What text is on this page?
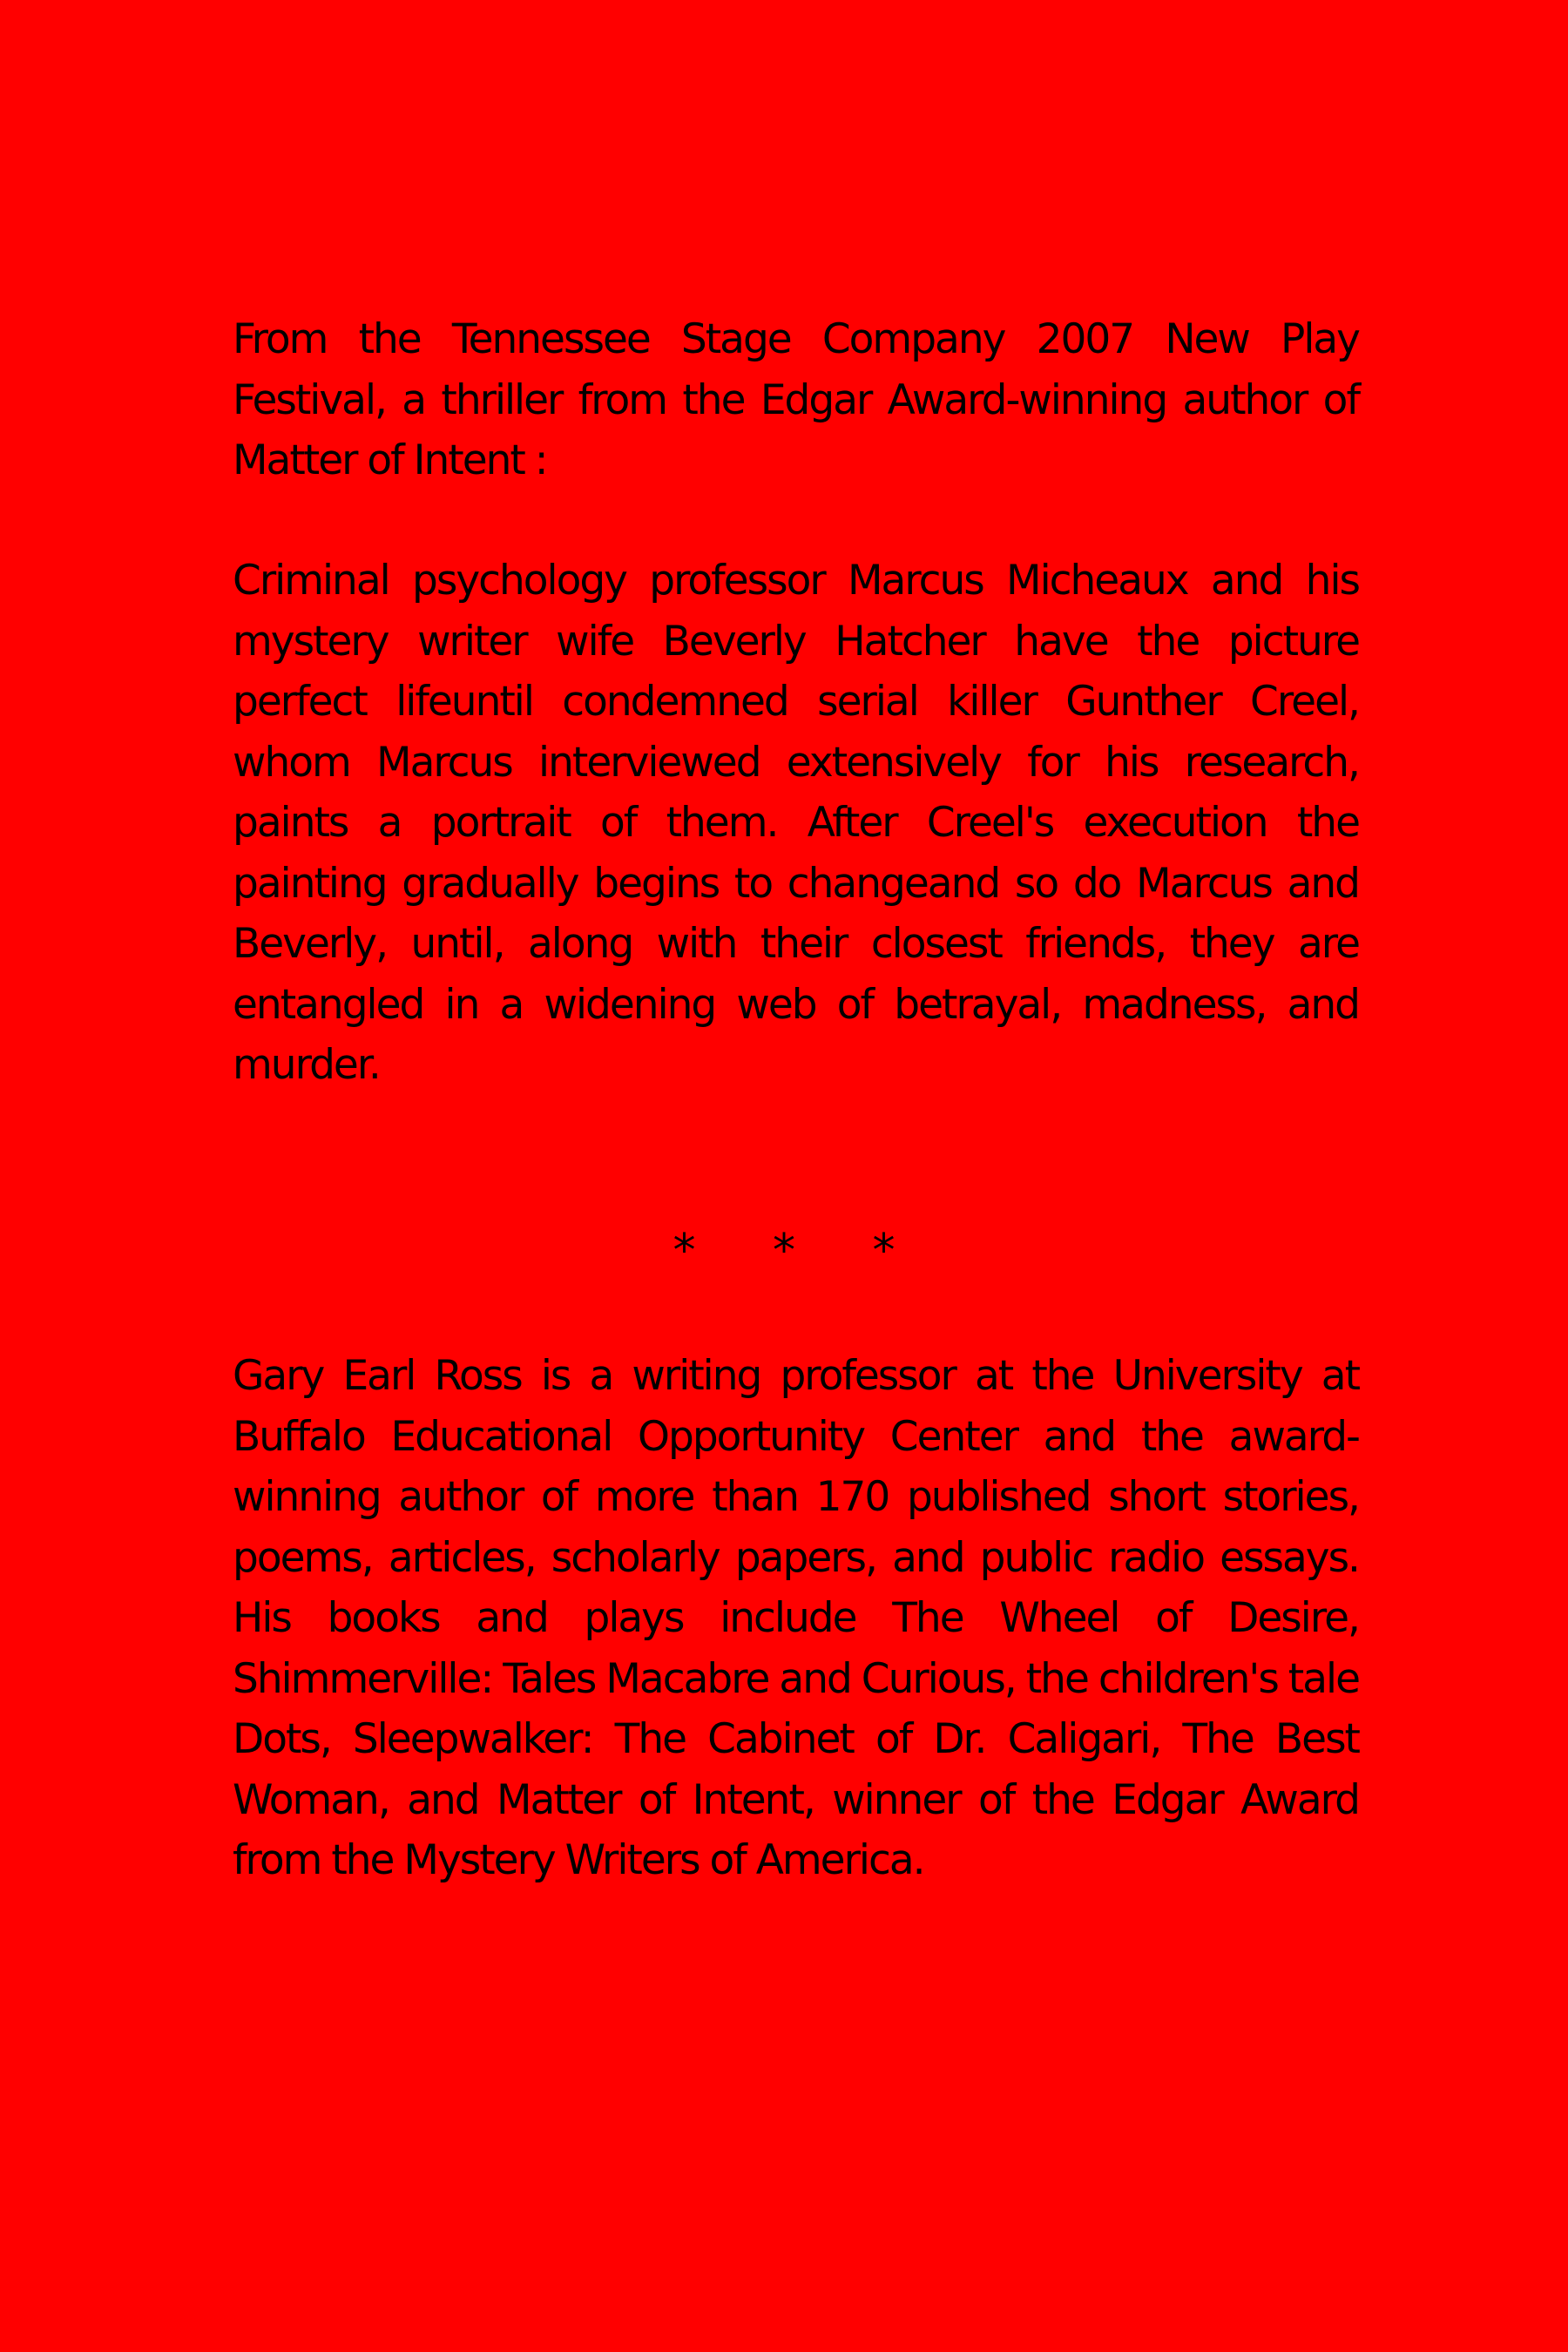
From the Tennessee Stage Company 2007 New Play Festival, a thriller from the Edgar Award-winning author of Matter of Intent :

Criminal psychology professor Marcus Micheaux and his mystery writer wife Beverly Hatcher have the picture perfect lifeuntil condemned serial killer Gunther Creel, whom Marcus interviewed extensively for his research, paints a portrait of them. After Creel's execution the painting gradually begins to changeand so do Marcus and Beverly, until, along with their closest friends, they are entangled in a widening web of betrayal, madness, and murder.

* * *

Gary Earl Ross is a writing professor at the University at Buffalo Educational Opportunity Center and the award-winning author of more than 170 published short stories, poems, articles, scholarly papers, and public radio essays. His books and plays include The Wheel of Desire, Shimmerville: Tales Macabre and Curious, the children's tale Dots, Sleepwalker: The Cabinet of Dr. Caligari, The Best Woman, and Matter of Intent, winner of the Edgar Award from the Mystery Writers of America.
